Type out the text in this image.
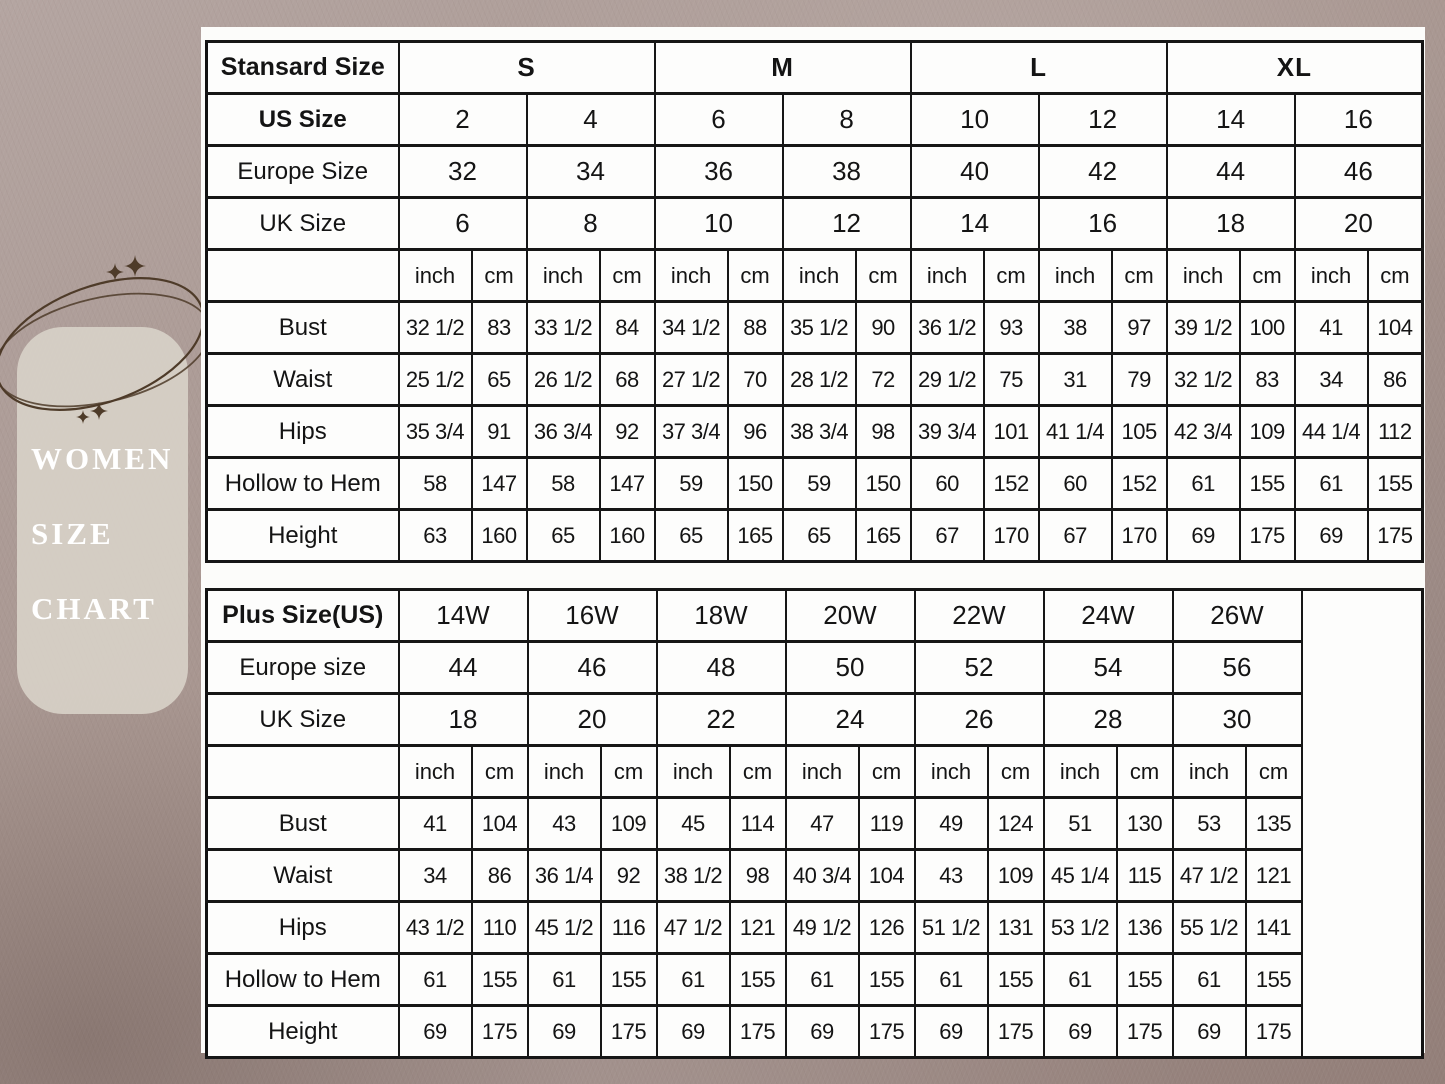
WOMEN
SIZE
CHART
Stansard Size	S				M				L				XL			
US Size	2		4		6		8		10		12		14		16	
Europe Size	32		34		36		38		40		42		44		46	
UK Size	6		8		10		12		14		16		18		20	
	inch	cm	inch	cm	inch	cm	inch	cm	inch	cm	inch	cm	inch	cm	inch	cm
Bust	32 1/2	83	33 1/2	84	34 1/2	88	35 1/2	90	36 1/2	93	38	97	39 1/2	100	41	104
Waist	25 1/2	65	26 1/2	68	27 1/2	70	28 1/2	72	29 1/2	75	31	79	32 1/2	83	34	86
Hips	35 3/4	91	36 3/4	92	37 3/4	96	38 3/4	98	39 3/4	101	41 1/4	105	42 3/4	109	44 1/4	112
Hollow to Hem	58	147	58	147	59	150	59	150	60	152	60	152	61	155	61	155
Height	63	160	65	160	65	165	65	165	67	170	67	170	69	175	69	175
Plus Size(US)	14W		16W		18W		20W		22W		24W		26W		
Europe size	44		46		48		50		52		54		56		
UK Size	18		20		22		24		26		28		30		
	inch	cm	inch	cm	inch	cm	inch	cm	inch	cm	inch	cm	inch	cm	
Bust	41	104	43	109	45	114	47	119	49	124	51	130	53	135	
Waist	34	86	36 1/4	92	38 1/2	98	40 3/4	104	43	109	45 1/4	115	47 1/2	121	
Hips	43 1/2	110	45 1/2	116	47 1/2	121	49 1/2	126	51 1/2	131	53 1/2	136	55 1/2	141	
Hollow to Hem	61	155	61	155	61	155	61	155	61	155	61	155	61	155	
Height	69	175	69	175	69	175	69	175	69	175	69	175	69	175	
